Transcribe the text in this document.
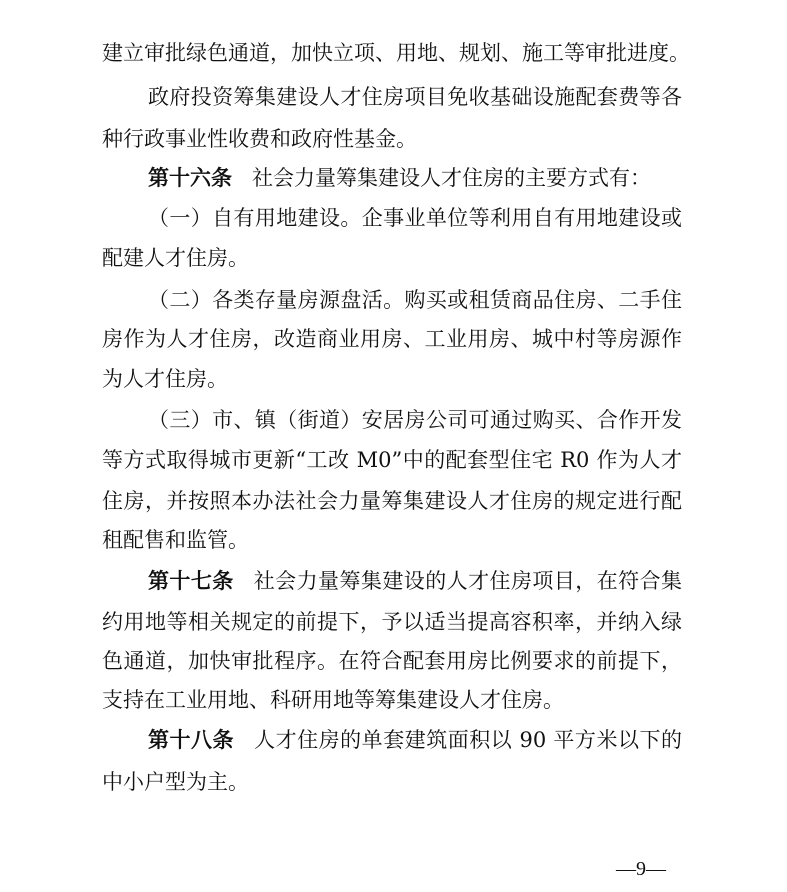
建立审批绿色通道，加快立项、用地、规划、施工等审批进度。
政府投资筹集建设人才住房项目免收基础设施配套费等各
种行政事业性收费和政府性基金。
第十六条 社会力量筹集建设人才住房的主要方式有：
（一）自有用地建设。企事业单位等利用自有用地建设或
配建人才住房。
（二）各类存量房源盘活。购买或租赁商品住房、二手住
房作为人才住房，改造商业用房、工业用房、城中村等房源作
为人才住房。
（三）市、镇（街道）安居房公司可通过购买、合作开发
等方式取得城市更新“工改 M0”中的配套型住宅 R0 作为人才
住房，并按照本办法社会力量筹集建设人才住房的规定进行配
租配售和监管。
第十七条 社会力量筹集建设的人才住房项目，在符合集
约用地等相关规定的前提下，予以适当提高容积率，并纳入绿
色通道，加快审批程序。在符合配套用房比例要求的前提下，
支持在工业用地、科研用地等筹集建设人才住房。
第十八条 人才住房的单套建筑面积以 90 平方米以下的
中小户型为主。
—9—
